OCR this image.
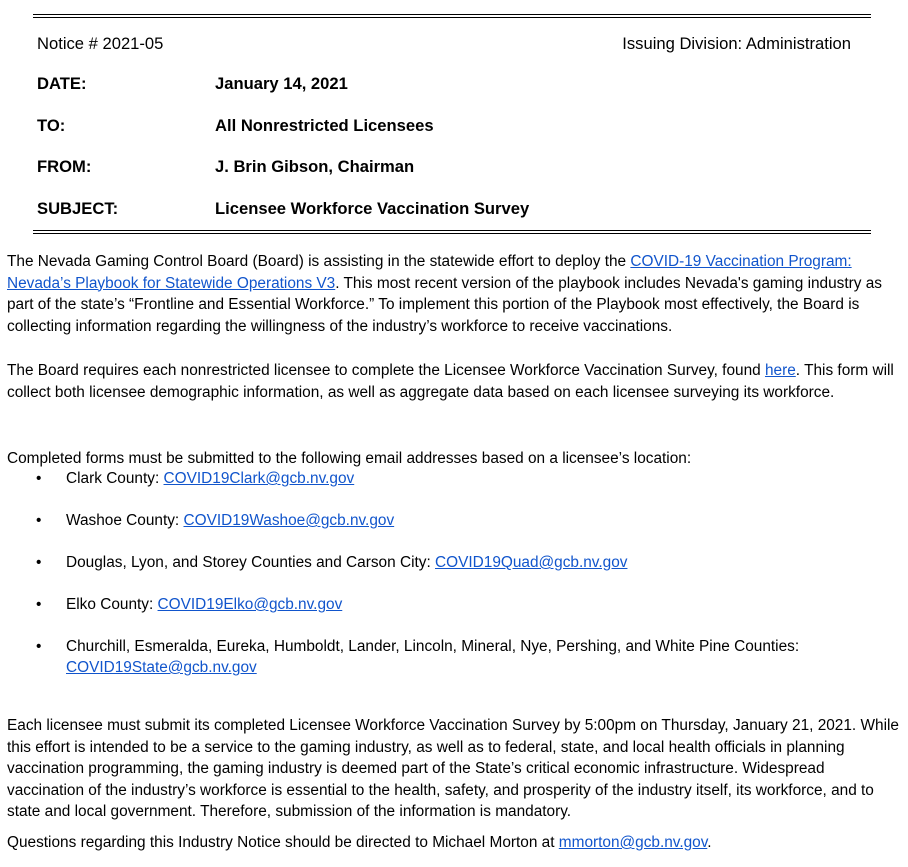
Notice # 2021-05	Issuing Division: Administration
DATE:	January 14, 2021
TO:	All Nonrestricted Licensees
FROM:	J. Brin Gibson, Chairman
SUBJECT:	Licensee Workforce Vaccination Survey

The Nevada Gaming Control Board (Board) is assisting in the statewide effort to deploy the COVID-19 Vaccination Program: Nevada’s Playbook for Statewide Operations V3. This most recent version of the playbook includes Nevada's gaming industry as part of the state’s “Frontline and Essential Workforce.” To implement this portion of the Playbook most effectively, the Board is collecting information regarding the willingness of the industry’s workforce to receive vaccinations.

The Board requires each nonrestricted licensee to complete the Licensee Workforce Vaccination Survey, found here. This form will collect both licensee demographic information, as well as aggregate data based on each licensee surveying its workforce.

Completed forms must be submitted to the following email addresses based on a licensee’s location:

• Clark County: COVID19Clark@gcb.nv.gov
• Washoe County: COVID19Washoe@gcb.nv.gov
• Douglas, Lyon, and Storey Counties and Carson City: COVID19Quad@gcb.nv.gov
• Elko County: COVID19Elko@gcb.nv.gov
• Churchill, Esmeralda, Eureka, Humboldt, Lander, Lincoln, Mineral, Nye, Pershing, and White Pine Counties: COVID19State@gcb.nv.gov

Each licensee must submit its completed Licensee Workforce Vaccination Survey by 5:00pm on Thursday, January 21, 2021. While this effort is intended to be a service to the gaming industry, as well as to federal, state, and local health officials in planning vaccination programming, the gaming industry is deemed part of the State’s critical economic infrastructure. Widespread vaccination of the industry’s workforce is essential to the health, safety, and prosperity of the industry itself, its workforce, and to state and local government. Therefore, submission of the information is mandatory.

Questions regarding this Industry Notice should be directed to Michael Morton at mmorton@gcb.nv.gov.
